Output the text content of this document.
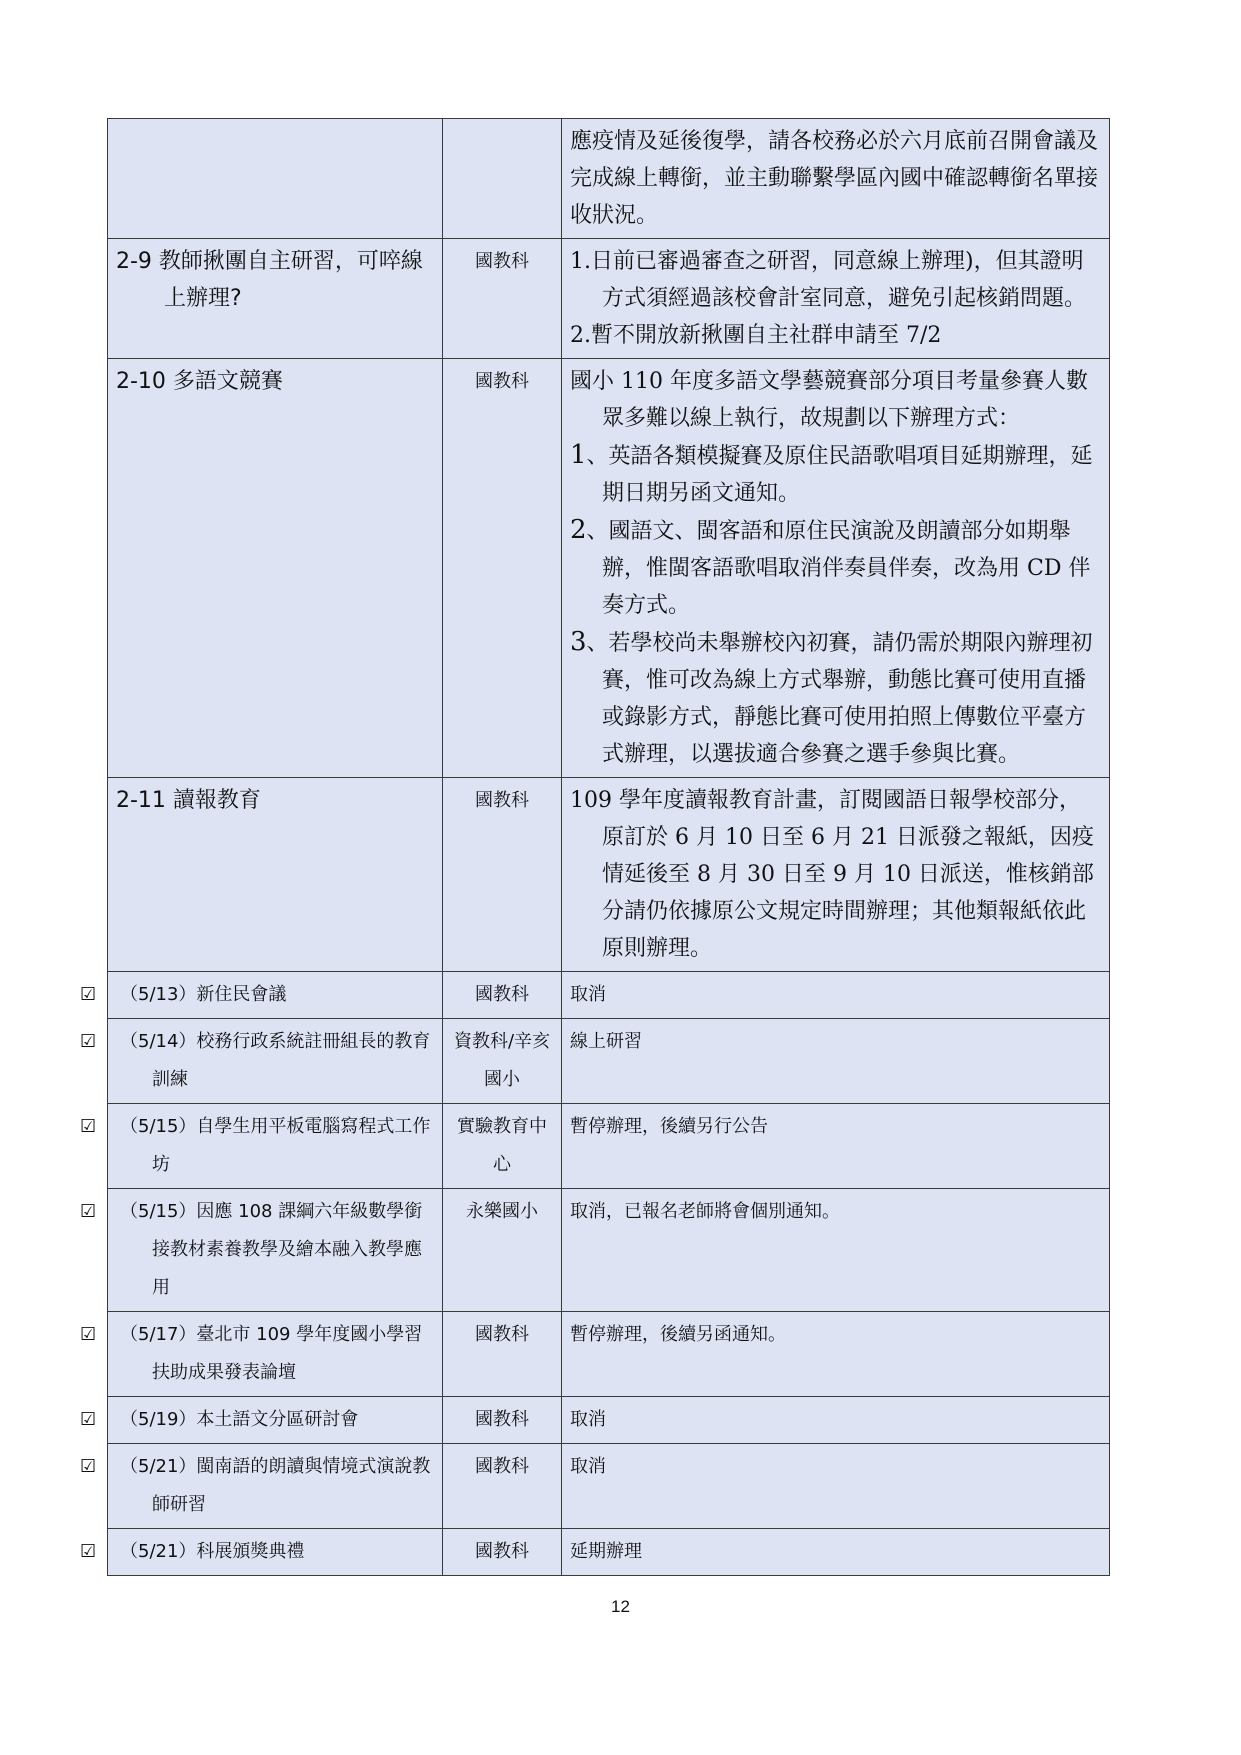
		應疫情及延後復學，請各校務必於六月底前召開會議及完成線上轉銜，並主動聯繫學區內國中確認轉銜名單接收狀況。

2-9 教師揪團自主研習，可啐線上辦理?	國教科	1.日前已審過審查之研習，同意線上辦理)，但其證明方式須經過該校會計室同意，避免引起核銷問題。
2.暫不開放新揪團自主社群申請至 7/2

2-10 多語文競賽	國教科	國小 110 年度多語文學藝競賽部分項目考量參賽人數眾多難以線上執行，故規劃以下辦理方式：
1、英語各類模擬賽及原住民語歌唱項目延期辦理，延期日期另函文通知。
2、國語文、閩客語和原住民演說及朗讀部分如期舉辦，惟閩客語歌唱取消伴奏員伴奏，改為用 CD 伴奏方式。
3、若學校尚未舉辦校內初賽，請仍需於期限內辦理初賽，惟可改為線上方式舉辦，動態比賽可使用直播或錄影方式，靜態比賽可使用拍照上傳數位平臺方式辦理，以選拔適合參賽之選手參與比賽。

2-11 讀報教育	國教科	109 學年度讀報教育計畫，訂閱國語日報學校部分，原訂於 6 月 10 日至 6 月 21 日派發之報紙，因疫情延後至 8 月 30 日至 9 月 10 日派送，惟核銷部分請仍依據原公文規定時間辦理；其他類報紙依此原則辦理。

☑ （5/13）新住民會議	國教科	取消

☑ （5/14）校務行政系統註冊組長的教育訓練	資教科/辛亥國小	線上研習

☑ （5/15）自學生用平板電腦寫程式工作坊	實驗教育中心	暫停辦理，後續另行公告

☑ （5/15）因應 108 課綱六年級數學銜接教材素養教學及繪本融入教學應用	永樂國小	取消，已報名老師將會個別通知。

☑ （5/17）臺北市 109 學年度國小學習扶助成果發表論壇	國教科	暫停辦理，後續另函通知。

☑ （5/19）本土語文分區研討會	國教科	取消

☑ （5/21）閩南語的朗讀與情境式演說教師研習	國教科	取消

☑ （5/21）科展頒獎典禮	國教科	延期辦理
12
